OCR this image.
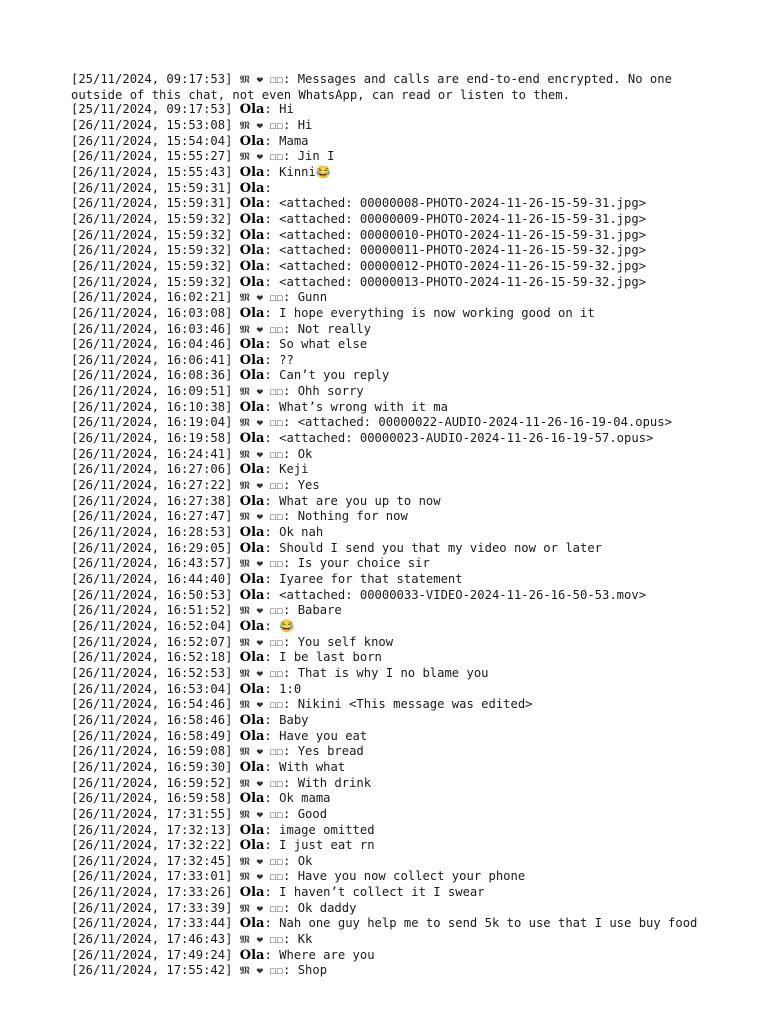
[25/11/2024, 09:17:53] 𝕸 ❤ ☐☐: Messages and calls are end-to-end encrypted. No one outside of this chat, not even WhatsApp, can read or listen to them.
[25/11/2024, 09:17:53] Ola: Hi
[26/11/2024, 15:53:08] 𝕸 ❤ ☐☐: Hi
[26/11/2024, 15:54:04] Ola: Mama
[26/11/2024, 15:55:27] 𝕸 ❤ ☐☐: Jin I
[26/11/2024, 15:55:43] Ola: Kinni😂
[26/11/2024, 15:59:31] Ola:
[26/11/2024, 15:59:31] Ola: <attached: 00000008-PHOTO-2024-11-26-15-59-31.jpg>
[26/11/2024, 15:59:32] Ola: <attached: 00000009-PHOTO-2024-11-26-15-59-31.jpg>
[26/11/2024, 15:59:32] Ola: <attached: 00000010-PHOTO-2024-11-26-15-59-31.jpg>
[26/11/2024, 15:59:32] Ola: <attached: 00000011-PHOTO-2024-11-26-15-59-32.jpg>
[26/11/2024, 15:59:32] Ola: <attached: 00000012-PHOTO-2024-11-26-15-59-32.jpg>
[26/11/2024, 15:59:32] Ola: <attached: 00000013-PHOTO-2024-11-26-15-59-32.jpg>
[26/11/2024, 16:02:21] 𝕸 ❤ ☐☐: Gunn
[26/11/2024, 16:03:08] Ola: I hope everything is now working good on it
[26/11/2024, 16:03:46] 𝕸 ❤ ☐☐: Not really
[26/11/2024, 16:04:46] Ola: So what else
[26/11/2024, 16:06:41] Ola: ??
[26/11/2024, 16:08:36] Ola: Can’t you reply
[26/11/2024, 16:09:51] 𝕸 ❤ ☐☐: Ohh sorry
[26/11/2024, 16:10:38] Ola: What’s wrong with it ma
[26/11/2024, 16:19:04] 𝕸 ❤ ☐☐: <attached: 00000022-AUDIO-2024-11-26-16-19-04.opus>
[26/11/2024, 16:19:58] Ola: <attached: 00000023-AUDIO-2024-11-26-16-19-57.opus>
[26/11/2024, 16:24:41] 𝕸 ❤ ☐☐: Ok
[26/11/2024, 16:27:06] Ola: Keji
[26/11/2024, 16:27:22] 𝕸 ❤ ☐☐: Yes
[26/11/2024, 16:27:38] Ola: What are you up to now
[26/11/2024, 16:27:47] 𝕸 ❤ ☐☐: Nothing for now
[26/11/2024, 16:28:53] Ola: Ok nah
[26/11/2024, 16:29:05] Ola: Should I send you that my video now or later
[26/11/2024, 16:43:57] 𝕸 ❤ ☐☐: Is your choice sir
[26/11/2024, 16:44:40] Ola: Iyaree for that statement
[26/11/2024, 16:50:53] Ola: <attached: 00000033-VIDEO-2024-11-26-16-50-53.mov>
[26/11/2024, 16:51:52] 𝕸 ❤ ☐☐: Babare
[26/11/2024, 16:52:04] Ola: 😂
[26/11/2024, 16:52:07] 𝕸 ❤ ☐☐: You self know
[26/11/2024, 16:52:18] Ola: I be last born
[26/11/2024, 16:52:53] 𝕸 ❤ ☐☐: That is why I no blame you
[26/11/2024, 16:53:04] Ola: 1:0
[26/11/2024, 16:54:46] 𝕸 ❤ ☐☐: Nikini <This message was edited>
[26/11/2024, 16:58:46] Ola: Baby
[26/11/2024, 16:58:49] Ola: Have you eat
[26/11/2024, 16:59:08] 𝕸 ❤ ☐☐: Yes bread
[26/11/2024, 16:59:30] Ola: With what
[26/11/2024, 16:59:52] 𝕸 ❤ ☐☐: With drink
[26/11/2024, 16:59:58] Ola: Ok mama
[26/11/2024, 17:31:55] 𝕸 ❤ ☐☐: Good
[26/11/2024, 17:32:13] Ola: image omitted
[26/11/2024, 17:32:22] Ola: I just eat rn
[26/11/2024, 17:32:45] 𝕸 ❤ ☐☐: Ok
[26/11/2024, 17:33:01] 𝕸 ❤ ☐☐: Have you now collect your phone
[26/11/2024, 17:33:26] Ola: I haven’t collect it I swear
[26/11/2024, 17:33:39] 𝕸 ❤ ☐☐: Ok daddy
[26/11/2024, 17:33:44] Ola: Nah one guy help me to send 5k to use that I use buy food
[26/11/2024, 17:46:43] 𝕸 ❤ ☐☐: Kk
[26/11/2024, 17:49:24] Ola: Where are you
[26/11/2024, 17:55:42] 𝕸 ❤ ☐☐: Shop
